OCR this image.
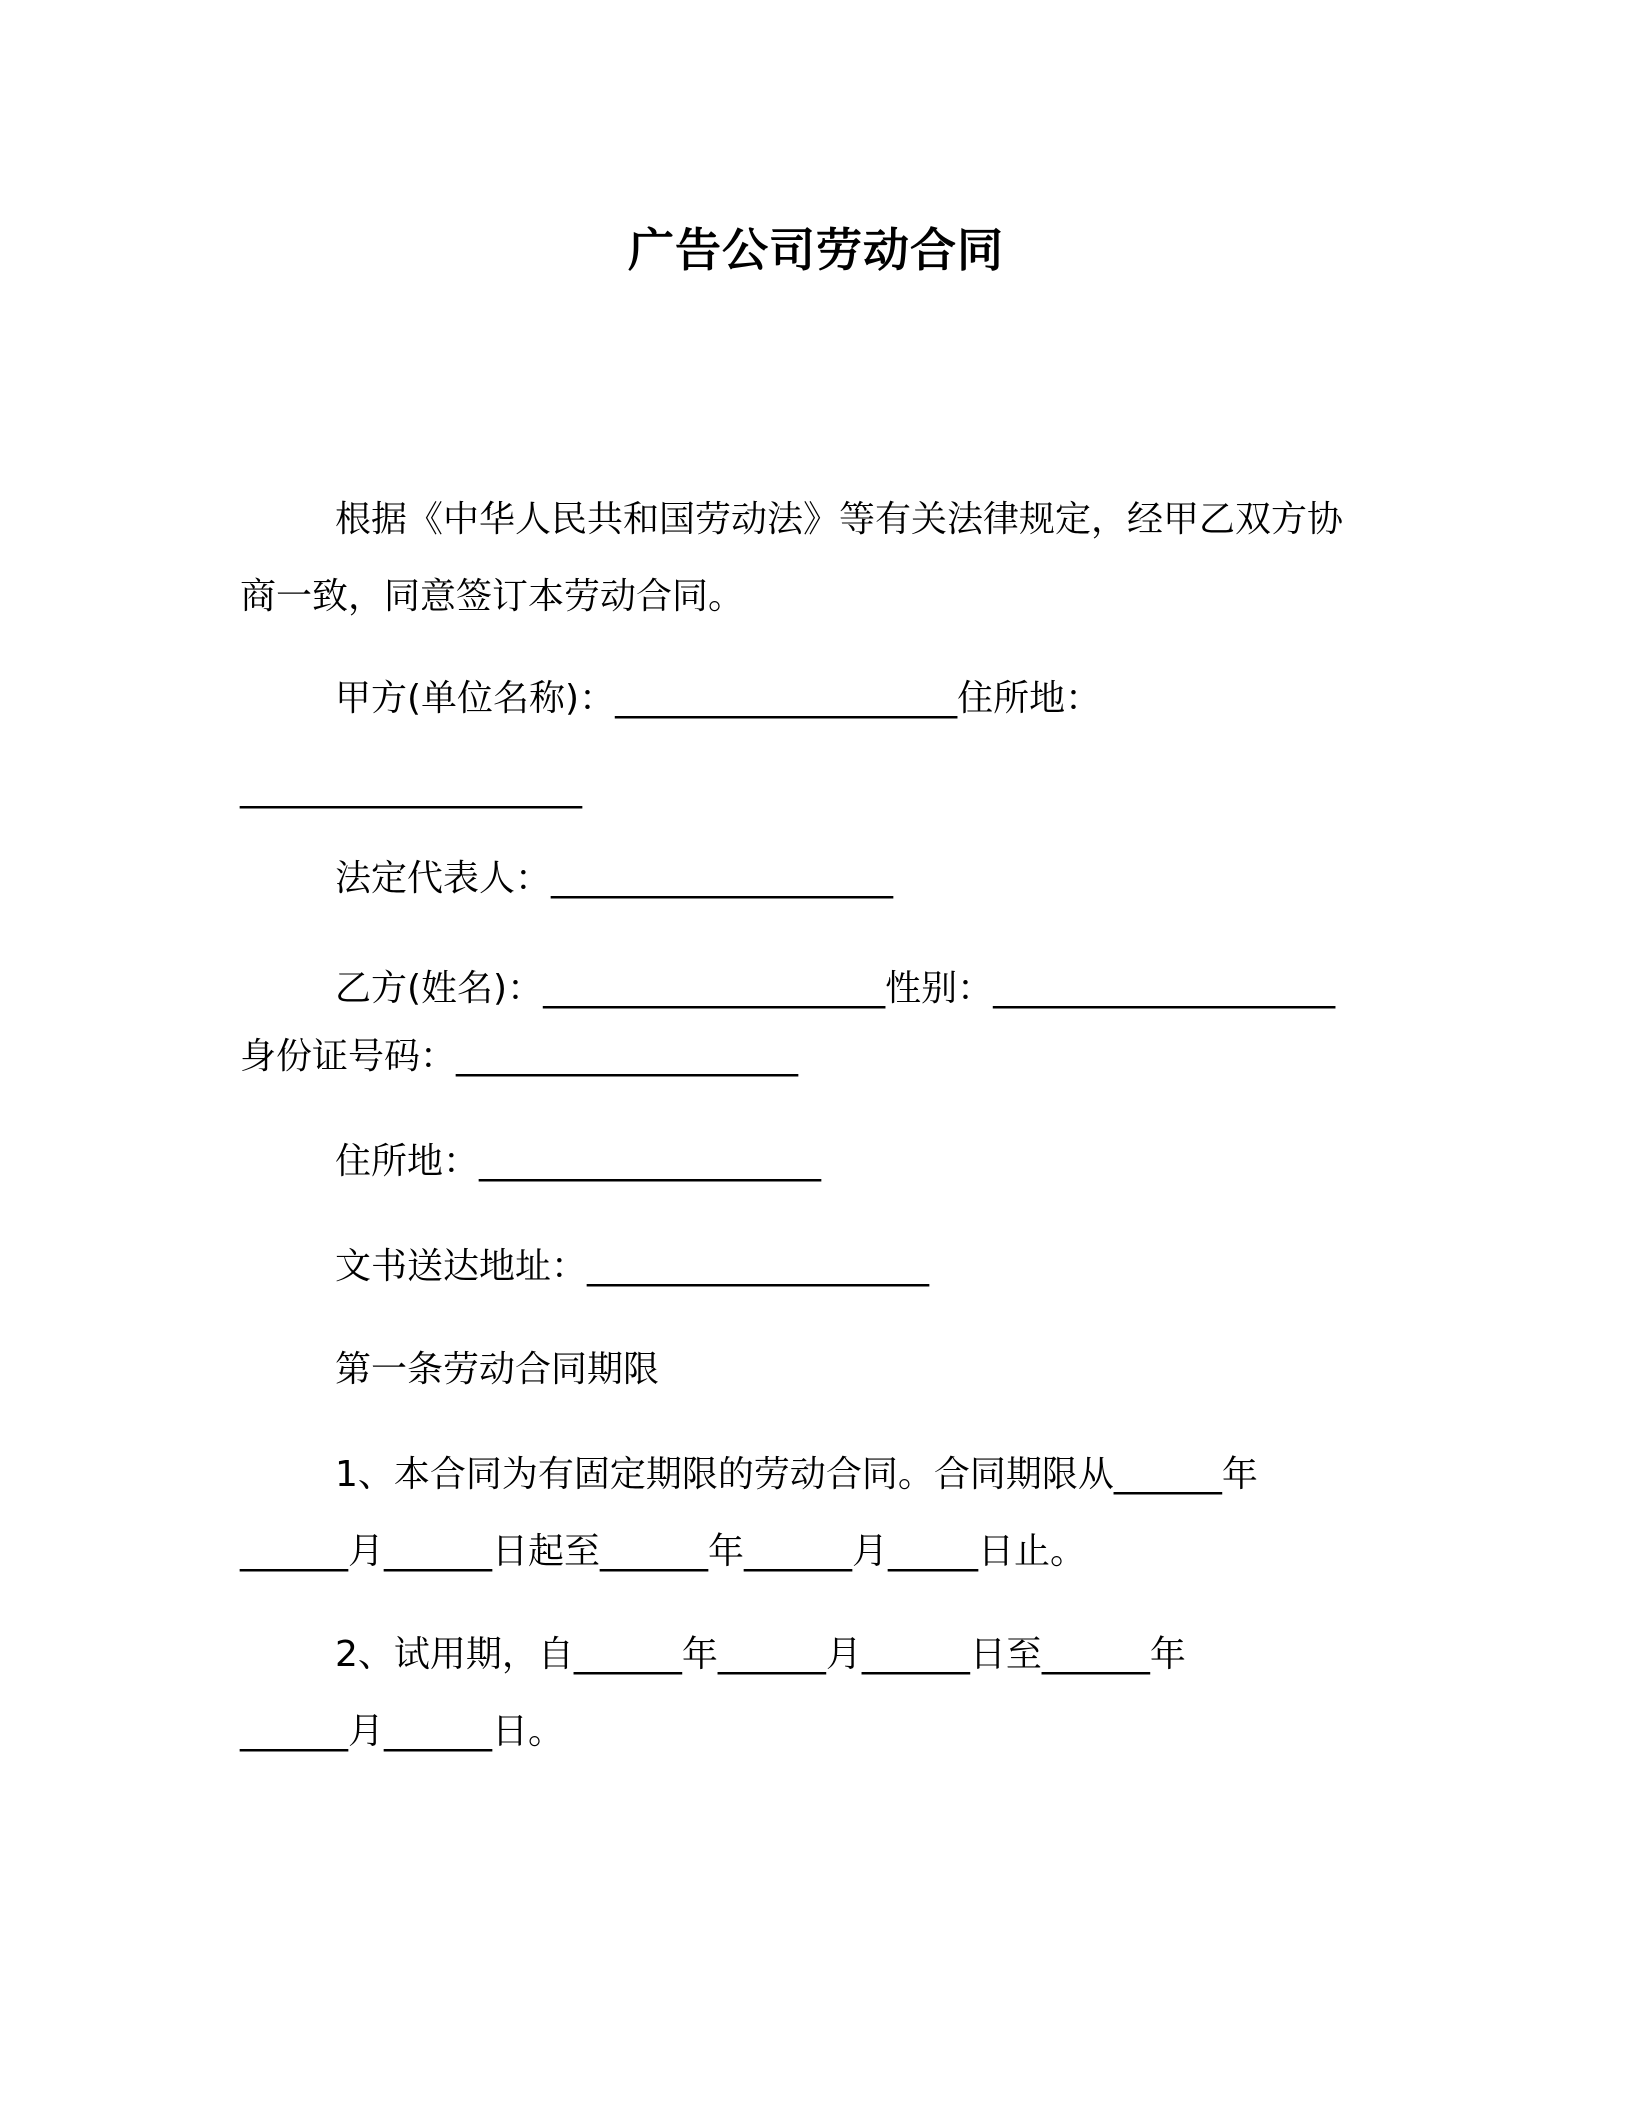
广告公司劳动合同
根据《中华人民共和国劳动法》等有关法律规定，经甲乙双方协
商一致，同意签订本劳动合同。
甲方(单位名称)：___________________住所地：
___________________
法定代表人：___________________
乙方(姓名)：___________________性别：___________________
身份证号码：___________________
住所地：___________________
文书送达地址：___________________
第一条劳动合同期限
1、本合同为有固定期限的劳动合同。合同期限从______年
______月______日起至______年______月_____日止。
2、试用期，自______年______月______日至______年
______月______日。
